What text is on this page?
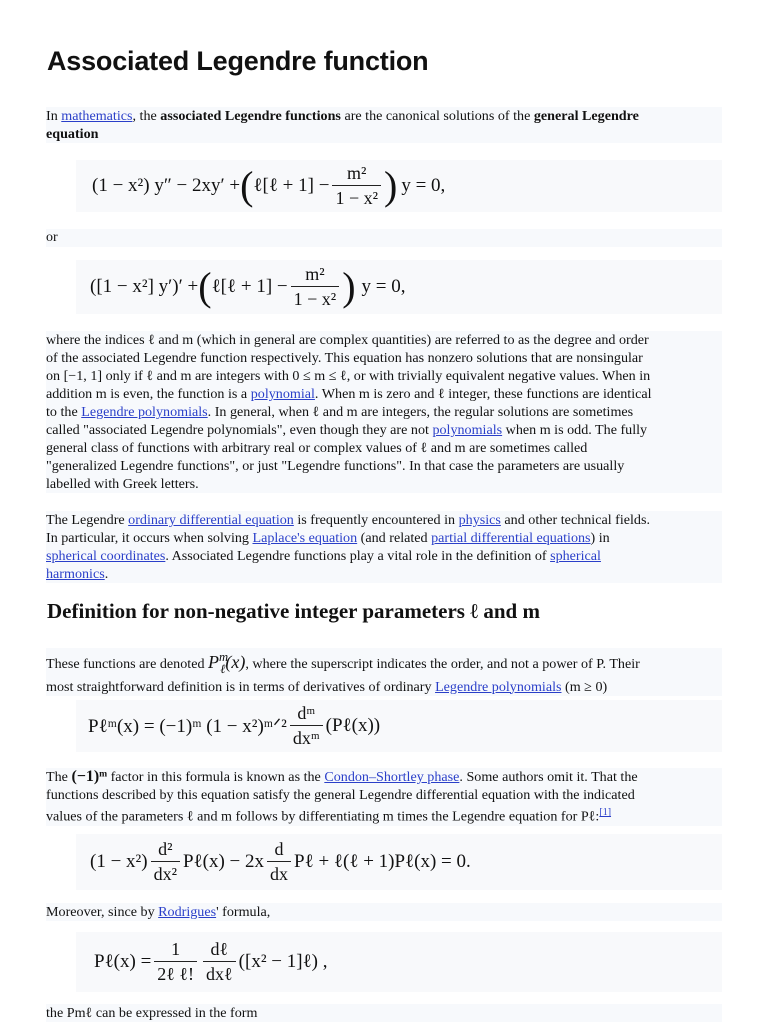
Associated Legendre function
In mathematics, the associated Legendre functions are the canonical solutions of the general Legendre
equation
(1 − x²) y″ − 2xy′ + ( ℓ[ℓ + $1] - \frac{\text{m²}}{\text{1 − x²}}$ ) y = 0,
or
([1 − x²] y′)′ + ( ℓ[ℓ + $1] - \frac{\text{m²}}{\text{1 − x²}}$ ) y = 0,
where the indices ℓ and m (which in general are complex quantities) are referred to as the degree and order
of the associated Legendre function respectively. This equation has nonzero solutions that are nonsingular
on [−1, 1] only if ℓ and m are integers with 0 ≤ m ≤ ℓ, or with trivially equivalent negative values. When in
addition m is even, the function is a polynomial. When m is zero and ℓ integer, these functions are identical
to the Legendre polynomials. In general, when ℓ and m are integers, the regular solutions are sometimes
called "associated Legendre polynomials", even though they are not polynomials when m is odd. The fully
general class of functions with arbitrary real or complex values of ℓ and m are sometimes called
"generalized Legendre functions", or just "Legendre functions". In that case the parameters are usually
labelled with Greek letters.
The Legendre ordinary differential equation is frequently encountered in physics and other technical fields.
In particular, it occurs when solving Laplace's equation (and related partial differential equations) in
spherical coordinates. Associated Legendre functions play a vital role in the definition of spherical
harmonics.
Definition for non-negative integer parameters ℓ and m
These functions are denoted $P^m_\ell(x)$, where the superscript indicates the order, and not a power of P. Their
most straightforward definition is in terms of derivatives of ordinary Legendre polynomials (m ≥ 0)
Pℓᵐ(x) = (−1)ᵐ (1 − x²)ᵐᐟ² $\frac{\text{dᵐ}}{\text{dxᵐ}}$ (Pℓ(x))
The (−1)ᵐ factor in this formula is known as the Condon–Shortley phase. Some authors omit it. That the
functions described by this equation satisfy the general Legendre differential equation with the indicated
values of the parameters ℓ and m follows by differentiating m times the Legendre equation for Pℓ:[1]
$(1 - x^2) \frac{\text{d²}}{\text{dx²}}$ Pℓ(x) − $2x \frac{d}{dx}$ Pℓ + ℓ(ℓ + 1)Pℓ(x) = 0.
Moreover, since by Rodrigues' formula,
Pℓ(x) = $\frac{1}{\text{2ℓ ℓ!}} \frac{\text{dℓ}}{\text{dxℓ}} ([x^2$ − 1]ℓ) ,
the Pmℓ can be expressed in the form
